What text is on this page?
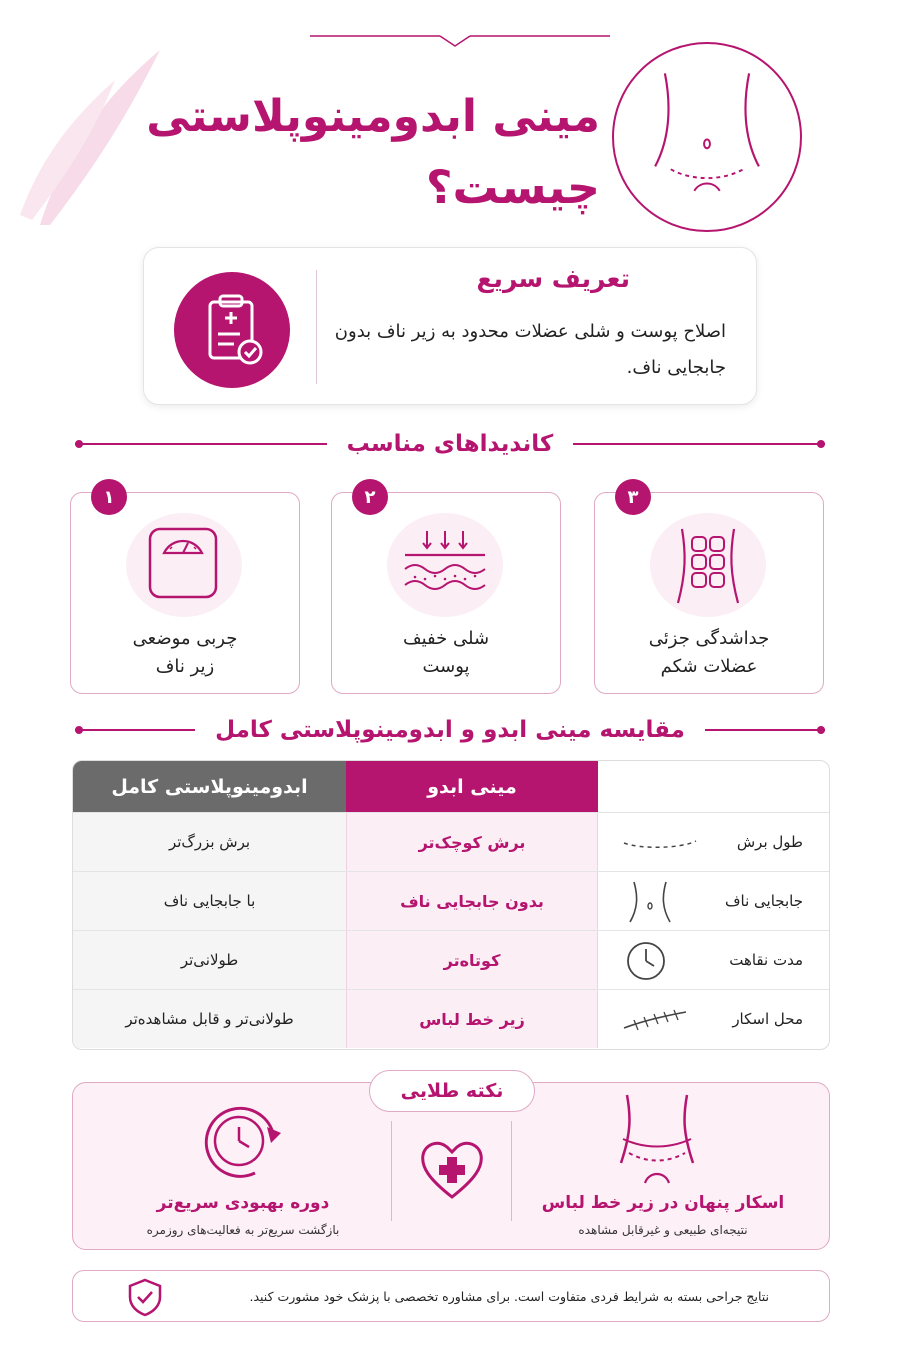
مینی ابدومینوپلاستی
چیست؟
تعریف سریع
اصلاح پوست و شلی عضلات محدود به زیر ناف بدون جابجایی ناف.
کاندیداهای مناسب
۱
چربی موضعی
زیر ناف
۲
شلی خفیف
پوست
۳
جداشدگی جزئی
عضلات شکم
مقایسه مینی ابدو و ابدومینوپلاستی کامل
ابدومینوپلاستی کامل	مینی ابدو
برش بزرگ‌تر	برش کوچک‌تر	طول برش
با جابجایی ناف	بدون جابجایی ناف	جابجایی ناف
طولانی‌تر	کوتاه‌تر	مدت نقاهت
طولانی‌تر و قابل مشاهده‌تر	زیر خط لباس	محل اسکار
نکته طلایی
دوره بهبودی سریع‌تر
بازگشت سریع‌تر به فعالیت‌های روزمره
اسکار پنهان در زیر خط لباس
نتیجه‌ای طبیعی و غیرقابل مشاهده
نتایج جراحی بسته به شرایط فردی متفاوت است. برای مشاوره تخصصی با پزشک خود مشورت کنید.
